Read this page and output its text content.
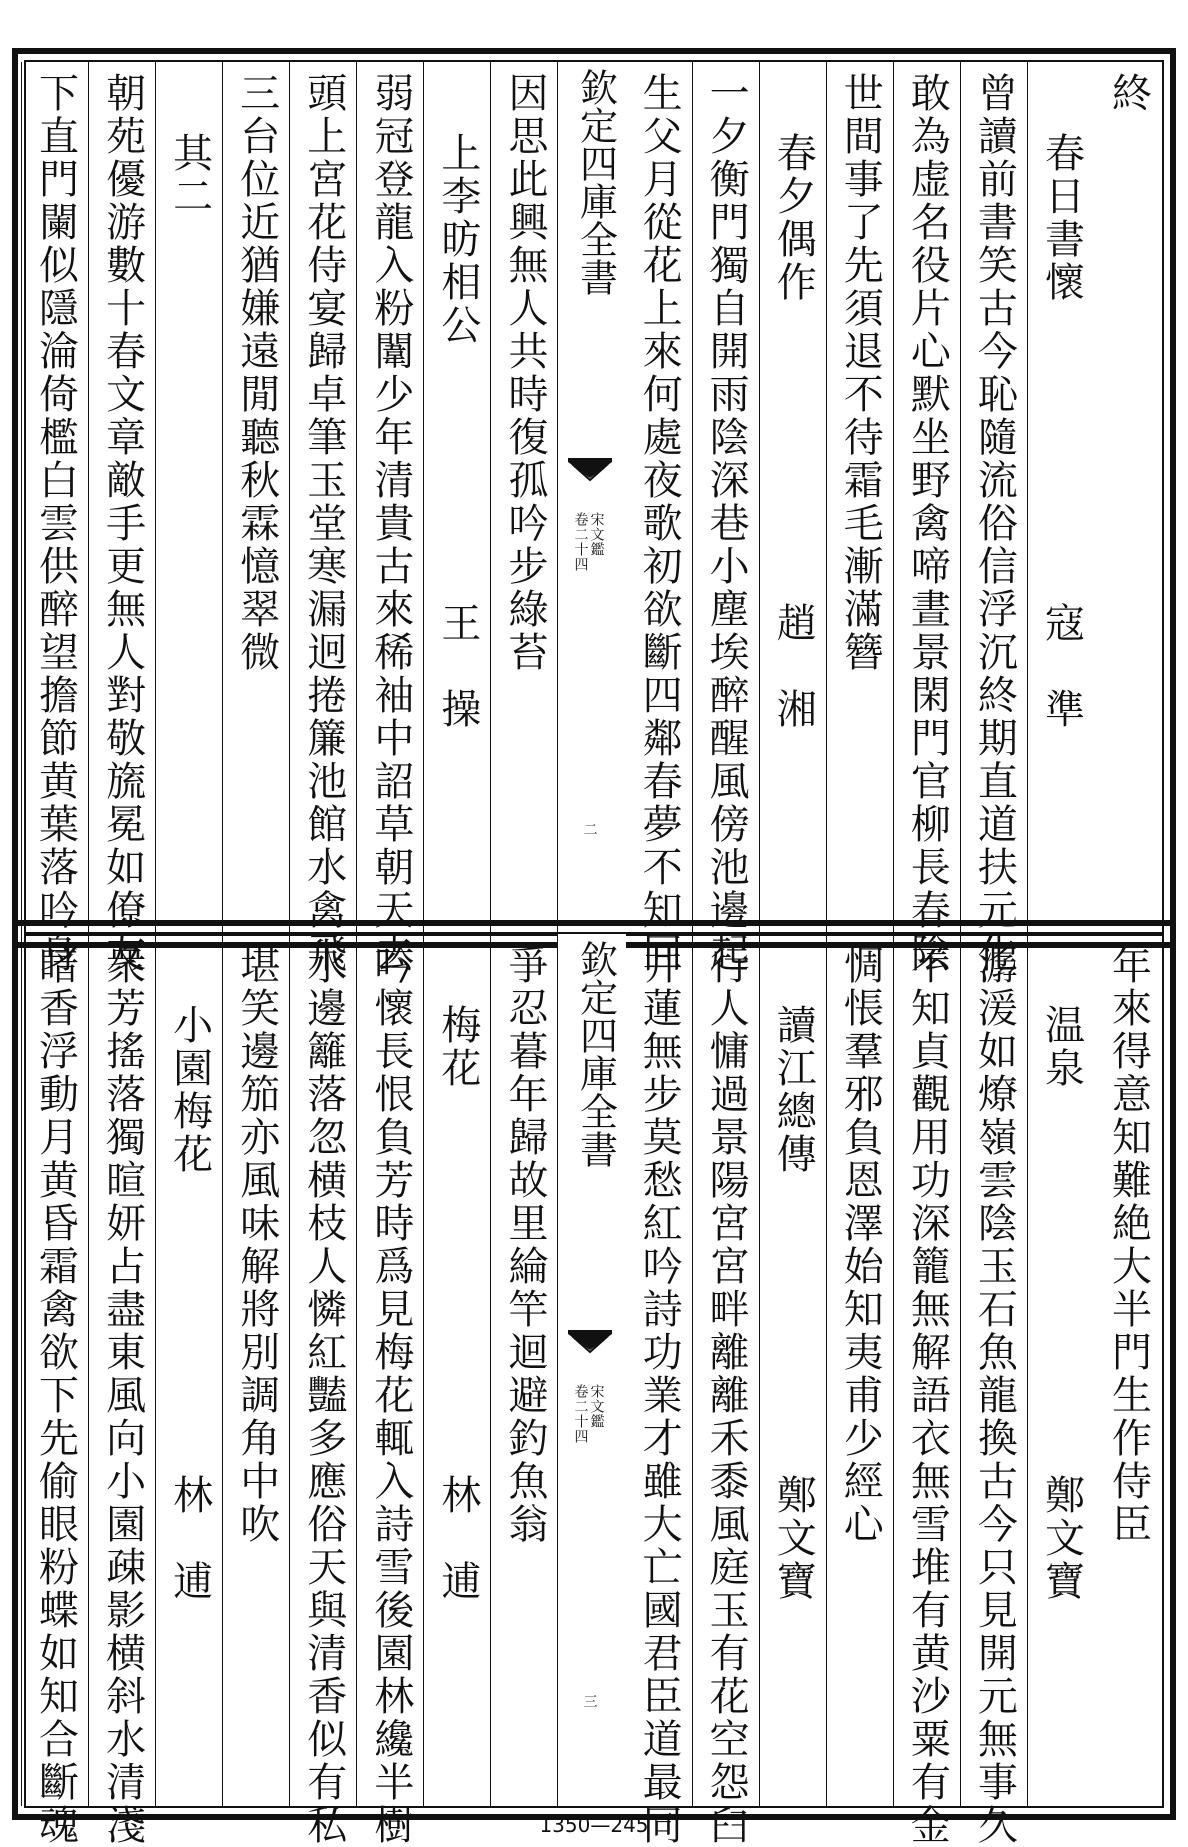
終
春日書懷
寇　準
曾讀前書笑古今恥隨流俗信浮沉終期直道扶元化
敢為虚名役片心默坐野禽啼晝景閑門官柳長春陰
世間事了先須退不待霜毛漸滿簪
春夕偶作
趙　湘
一夕衡門獨自開雨陰深巷小塵埃醉醒風傍池邊起
生父月從花上來何處夜歌初欲斷四鄰春夢不知回
欽定四庫全書
宋文鑑
卷二十四
二
因思此興無人共時復孤吟步綠苔
上李昉相公
王　操
弱冠登龍入粉闈少年清貴古來稀袖中詔草朝天去
頭上宮花侍宴歸卓筆玉堂寒漏迥捲簾池館水禽飛
三台位近猶嫌遠閒聽秋霖憶翠微
其二
朝苑優游數十春文章敵手更無人對敬旒冕如僚友
下直門闌似隱淪倚檻白雲供醉望擔節黄葉落吟身
年來得意知難絶大半門生作侍臣
温泉
鄭文寶
潺湲如燎嶺雲陰玉石魚龍換古今只見開元無事久
不知貞觀用功深籠無解語衣無雪堆有黄沙粟有金
惆悵羣邪負恩澤始知夷甫少經心
讀江總傳
鄭文寶
行人慵過景陽宮宮畔離離禾黍風庭玉有花空怨臼
井蓮無步莫愁紅吟詩功業才雖大亡國君臣道最同
欽定四庫全書
宋文鑑
卷二十四
三
爭忍暮年歸故里綸竿迴避釣魚翁
梅花
林　逋
吟懷長恨負芳時爲見梅花輒入詩雪後園林纔半樹
水邊籬落忽横枝人憐紅豔多應俗天與清香似有私
堪笑邊笳亦風味解將別調角中吹
小園梅花
林　逋
衆芳搖落獨暄妍占盡東風向小園疎影横斜水清淺
暗香浮動月黄昏霜禽欲下先偷眼粉蝶如知合斷魂	1350—245
